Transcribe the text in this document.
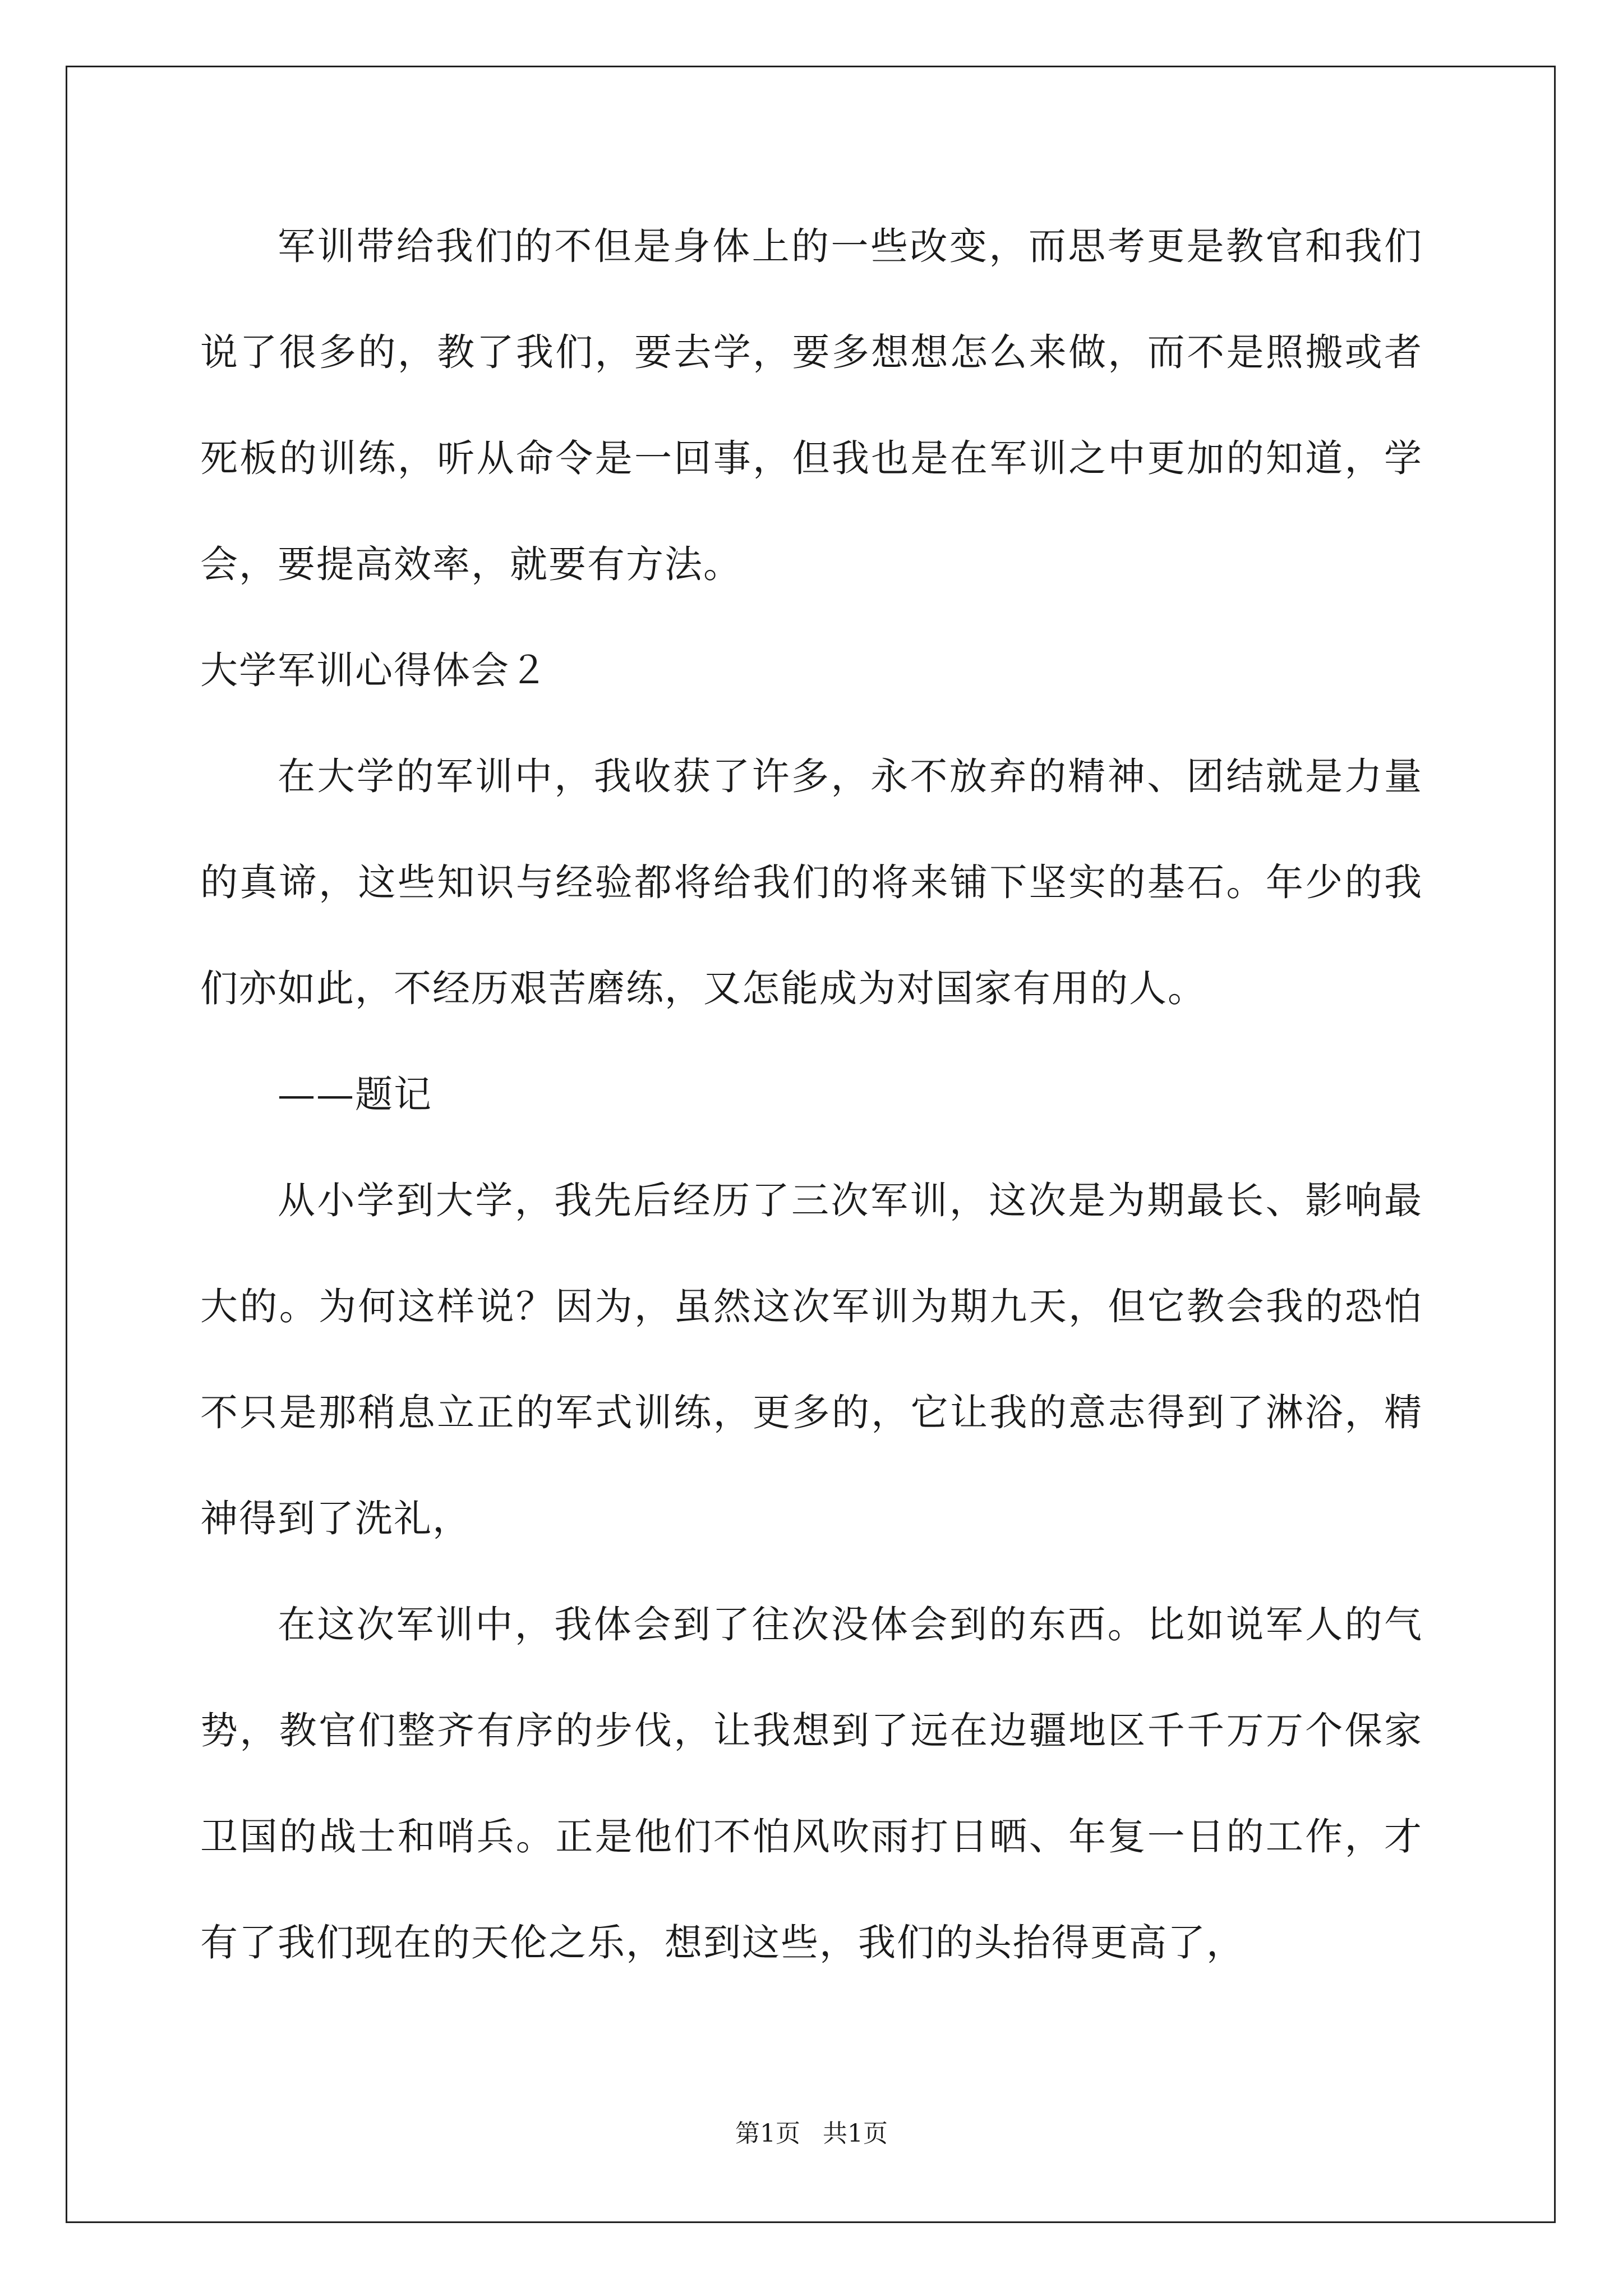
军训带给我们的不但是身体上的一些改变，而思考更是教官和我们说了很多的，教了我们，要去学，要多想想怎么来做，而不是照搬或者死板的训练，听从命令是一回事，但我也是在军训之中更加的知道，学会，要提高效率，就要有方法。

大学军训心得体会２

在大学的军训中，我收获了许多，永不放弃的精神、团结就是力量的真谛，这些知识与经验都将给我们的将来铺下坚实的基石。年少的我们亦如此，不经历艰苦磨练，又怎能成为对国家有用的人。

——题记

从小学到大学，我先后经历了三次军训，这次是为期最长、影响最大的。为何这样说？因为，虽然这次军训为期九天，但它教会我的恐怕不只是那稍息立正的军式训练，更多的，它让我的意志得到了淋浴，精神得到了洗礼，

在这次军训中，我体会到了往次没体会到的东西。比如说军人的气势，教官们整齐有序的步伐，让我想到了远在边疆地区千千万万个保家卫国的战士和哨兵。正是他们不怕风吹雨打日晒、年复一日的工作，才有了我们现在的天伦之乐，想到这些，我们的头抬得更高了，

第1页 共1页
